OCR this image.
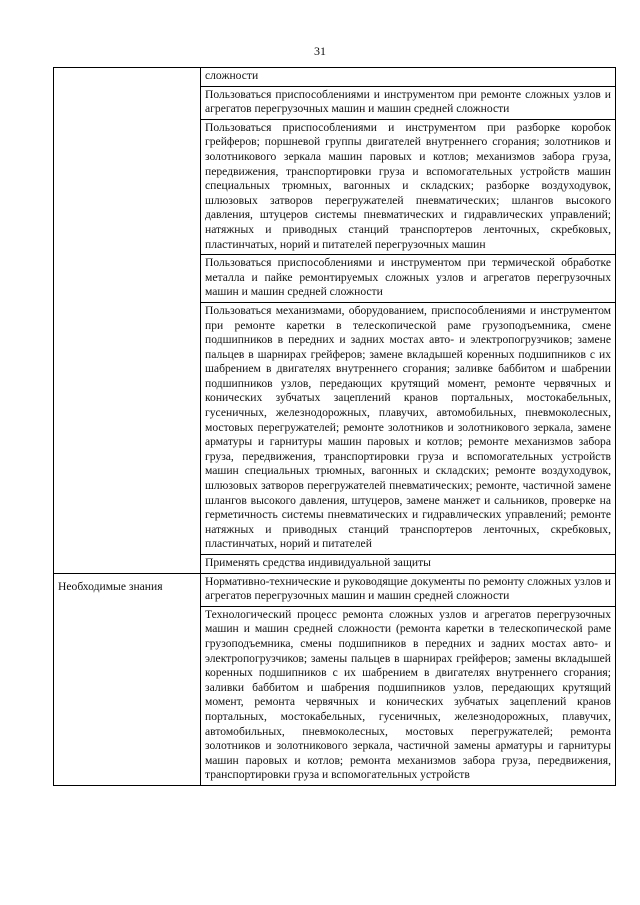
31

	сложности

	Пользоваться приспособлениями и инструментом при ремонте сложных узлов и агрегатов перегрузочных машин и машин средней сложности

	Пользоваться приспособлениями и инструментом при разборке коробок грейферов; поршневой группы двигателей внутреннего сгорания; золотников и золотникового зеркала машин паровых и котлов; механизмов забора груза, передвижения, транспортировки груза и вспомогательных устройств машин специальных трюмных, вагонных и складских; разборке воздуходувок, шлюзовых затворов перегружателей пневматических; шлангов высокого давления, штуцеров системы пневматических и гидравлических управлений; натяжных и приводных станций транспортеров ленточных, скребковых, пластинчатых, норий и питателей перегрузочных машин

	Пользоваться приспособлениями и инструментом при термической обработке металла и пайке ремонтируемых сложных узлов и агрегатов перегрузочных машин и машин средней сложности

	Пользоваться механизмами, оборудованием, приспособлениями и инструментом при ремонте каретки в телескопической раме грузоподъемника, смене подшипников в передних и задних мостах авто- и электропогрузчиков; замене пальцев в шарнирах грейферов; замене вкладышей коренных подшипников с их шабрением в двигателях внутреннего сгорания; заливке баббитом и шабрении подшипников узлов, передающих крутящий момент, ремонте червячных и конических зубчатых зацеплений кранов портальных, мостокабельных, гусеничных, железнодорожных, плавучих, автомобильных, пневмоколесных, мостовых перегружателей; ремонте золотников и золотникового зеркала, замене арматуры и гарнитуры машин паровых и котлов; ремонте механизмов забора груза, передвижения, транспортировки груза и вспомогательных устройств машин специальных трюмных, вагонных и складских; ремонте воздуходувок, шлюзовых затворов перегружателей пневматических; ремонте, частичной замене шлангов высокого давления, штуцеров, замене манжет и сальников, проверке на герметичность системы пневматических и гидравлических управлений; ремонте натяжных и приводных станций транспортеров ленточных, скребковых, пластинчатых, норий и питателей

	Применять средства индивидуальной защиты

Необходимые знания	Нормативно-технические и руководящие документы по ремонту сложных узлов и агрегатов перегрузочных машин и машин средней сложности

	Технологический процесс ремонта сложных узлов и агрегатов перегрузочных машин и машин средней сложности (ремонта каретки в телескопической раме грузоподъемника, смены подшипников в передних и задних мостах авто- и электропогрузчиков; замены пальцев в шарнирах грейферов; замены вкладышей коренных подшипников с их шабрением в двигателях внутреннего сгорания; заливки баббитом и шабрения подшипников узлов, передающих крутящий момент, ремонта червячных и конических зубчатых зацеплений кранов портальных, мостокабельных, гусеничных, железнодорожных, плавучих, автомобильных, пневмоколесных, мостовых перегружателей; ремонта золотников и золотникового зеркала, частичной замены арматуры и гарнитуры машин паровых и котлов; ремонта механизмов забора груза, передвижения, транспортировки груза и вспомогательных устройств
